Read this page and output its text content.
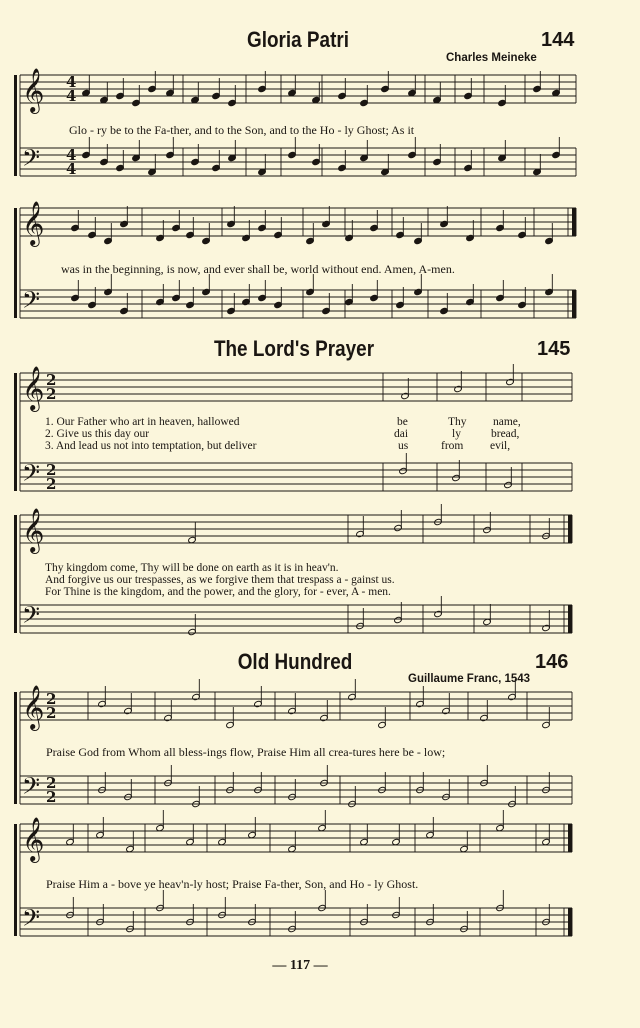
Gloria Patri	144
Charles Meineke
𝄞
𝄢
𝄞
𝄢
𝄞
𝄢
𝄞
𝄢
𝄞
𝄢
𝄞
𝄢
4
4
4
4
2
2
2
2
2
2
2
2
Glo - ry be to the Fa-ther, and to the Son, and to the Ho - ly Ghost; As it
was in the beginning, is now, and ever shall be, world without end. Amen, A-men.
The Lord's Prayer	145
1. Our Father who art in heaven, hallowed
2. Give us this day our
3. And lead us not into temptation, but deliver
be	Thy name,
dai	ly	bread,
us	from evil,
Thy kingdom come, Thy will be done on earth as it is in heav'n.
And forgive us our trespasses, as we forgive them that trespass a - gainst us.
For Thine is the kingdom, and the power, and the glory, for - ever, A - men.
Old Hundred	146
Guillaume Franc, 1543
Praise God from Whom all bless-ings flow, Praise Him all crea-tures here be - low;
Praise Him a - bove ye heav'n-ly host; Praise Fa-ther, Son, and Ho - ly Ghost.
— 117 —
